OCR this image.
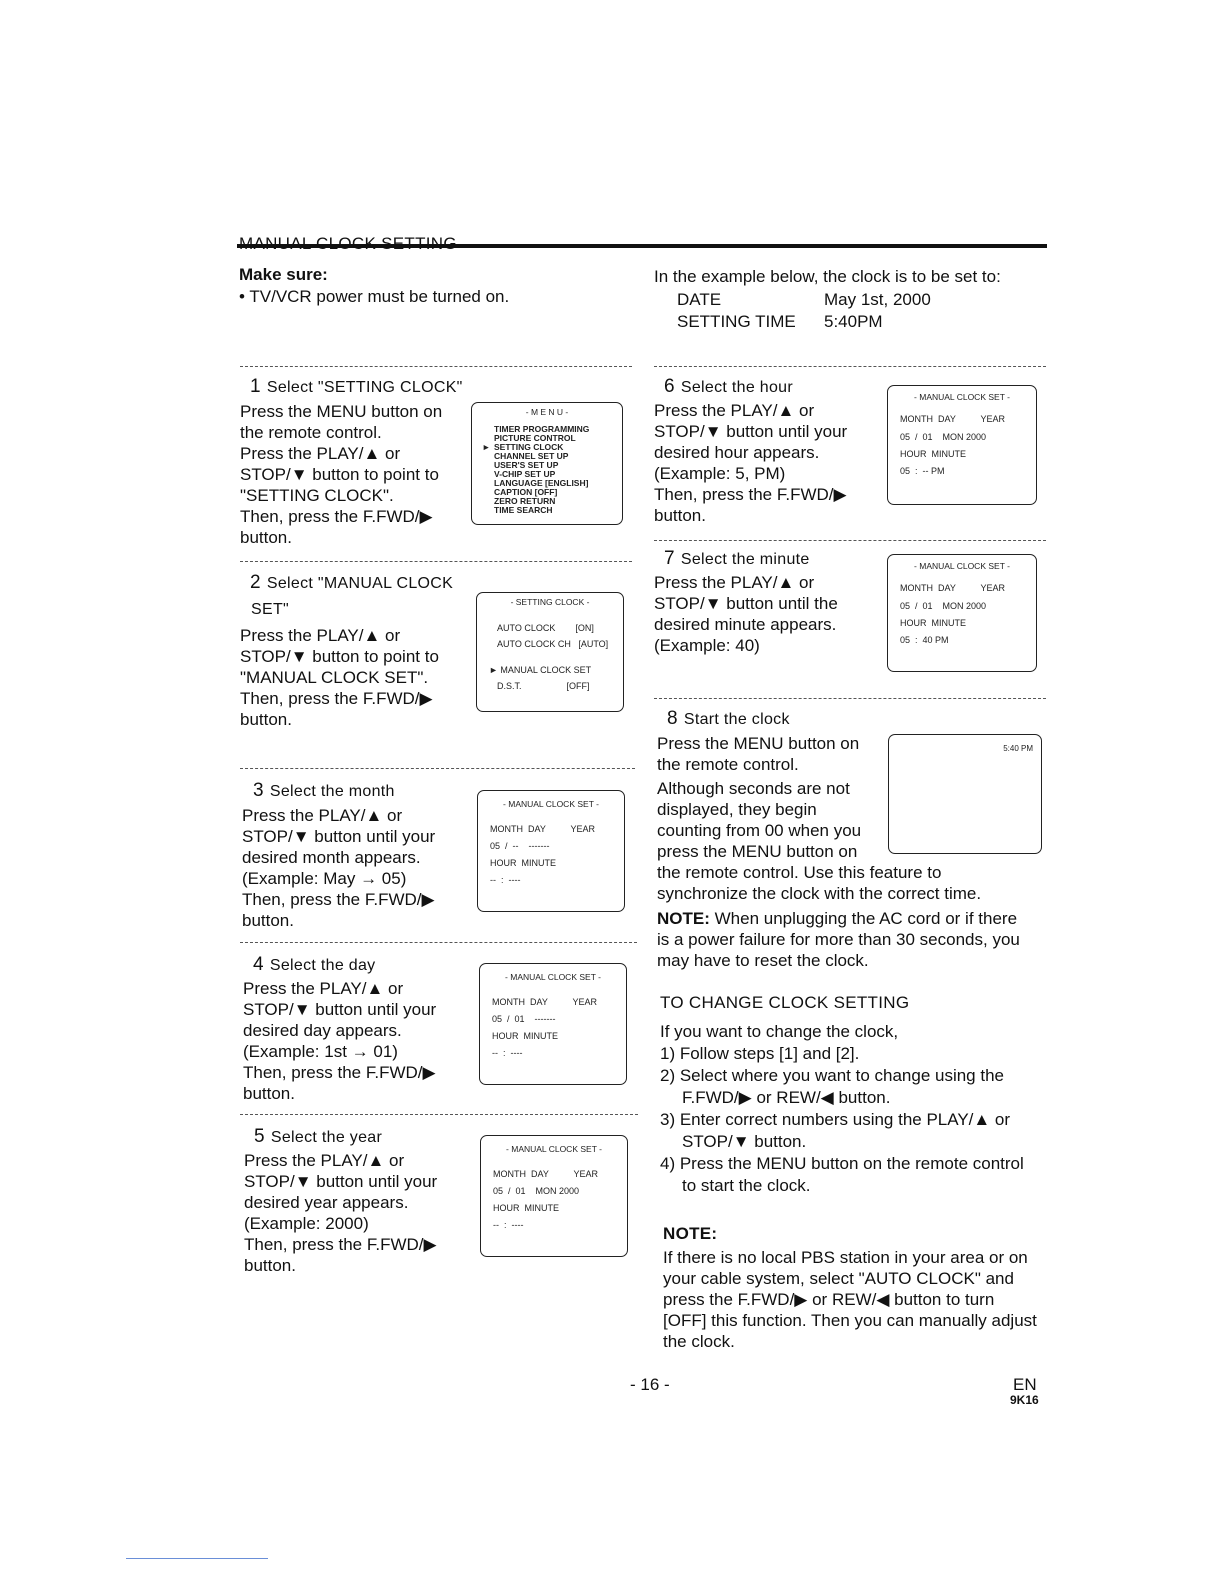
MANUAL CLOCK SETTING
Make sure:
• TV/VCR power must be turned on.
In the example below, the clock is to be set to:
DATE	May 1st, 2000
SETTING TIME 5:40PM
1 Select "SETTING CLOCK"
Press the MENU button on
the remote control.
Press the PLAY/▲ or
STOP/▼ button to point to
"SETTING CLOCK".
Then, press the F.FWD/▶
button.
- M E N U -
TIMER PROGRAMMING
PICTURE CONTROL
► SETTING CLOCK
CHANNEL SET UP
USER'S SET UP
V-CHIP SET UP
LANGUAGE [ENGLISH]
CAPTION [OFF]
ZERO RETURN
TIME SEARCH
2 Select "MANUAL CLOCK
SET"
Press the PLAY/▲ or
STOP/▼ button to point to
"MANUAL CLOCK SET".
Then, press the F.FWD/▶
button.
- SETTING CLOCK -
AUTO CLOCK        [ON]
AUTO CLOCK CH   [AUTO]
► MANUAL CLOCK SET
D.S.T.                  [OFF]
3 Select the month
Press the PLAY/▲ or
STOP/▼ button until your
desired month appears.
(Example: May → 05)
Then, press the F.FWD/▶
button.
- MANUAL CLOCK SET -
MONTH  DAY          YEAR
05  /  --    -------
HOUR  MINUTE
--  :  ----
4 Select the day
Press the PLAY/▲ or
STOP/▼ button until your
desired day appears.
(Example: 1st → 01)
Then, press the F.FWD/▶
button.
- MANUAL CLOCK SET -
MONTH  DAY          YEAR
05  /  01    -------
HOUR  MINUTE
--  :  ----
5 Select the year
Press the PLAY/▲ or
STOP/▼ button until your
desired year appears.
(Example: 2000)
Then, press the F.FWD/▶
button.
- MANUAL CLOCK SET -
MONTH  DAY          YEAR
05  /  01    MON 2000
HOUR  MINUTE
--  :  ----
6 Select the hour
Press the PLAY/▲ or
STOP/▼ button until your
desired hour appears.
(Example: 5, PM)
Then, press the F.FWD/▶
button.
- MANUAL CLOCK SET -
MONTH  DAY          YEAR
05  /  01    MON 2000
HOUR  MINUTE
05  :  -- PM
7 Select the minute
Press the PLAY/▲ or
STOP/▼ button until the
desired minute appears.
(Example: 40)
- MANUAL CLOCK SET -
MONTH  DAY          YEAR
05  /  01    MON 2000
HOUR  MINUTE
05  :  40 PM
8 Start the clock
Press the MENU button on
the remote control.
Although seconds are not
displayed, they begin
counting from 00 when you
press the MENU button on
the remote control. Use this feature to
synchronize the clock with the correct time.
NOTE: When unplugging the AC cord or if there
is a power failure for more than 30 seconds, you
may have to reset the clock.
5:40 PM
TO CHANGE CLOCK SETTING
If you want to change the clock,
1) Follow steps [1] and [2].
2) Select where you want to change using the
F.FWD/▶ or REW/◀ button.
3) Enter correct numbers using the PLAY/▲ or
STOP/▼ button.
4) Press the MENU button on the remote control
to start the clock.
NOTE:
If there is no local PBS station in your area or on
your cable system, select "AUTO CLOCK" and
press the F.FWD/▶ or REW/◀ button to turn
[OFF] this function. Then you can manually adjust
the clock.
- 16 -	EN
9K16
